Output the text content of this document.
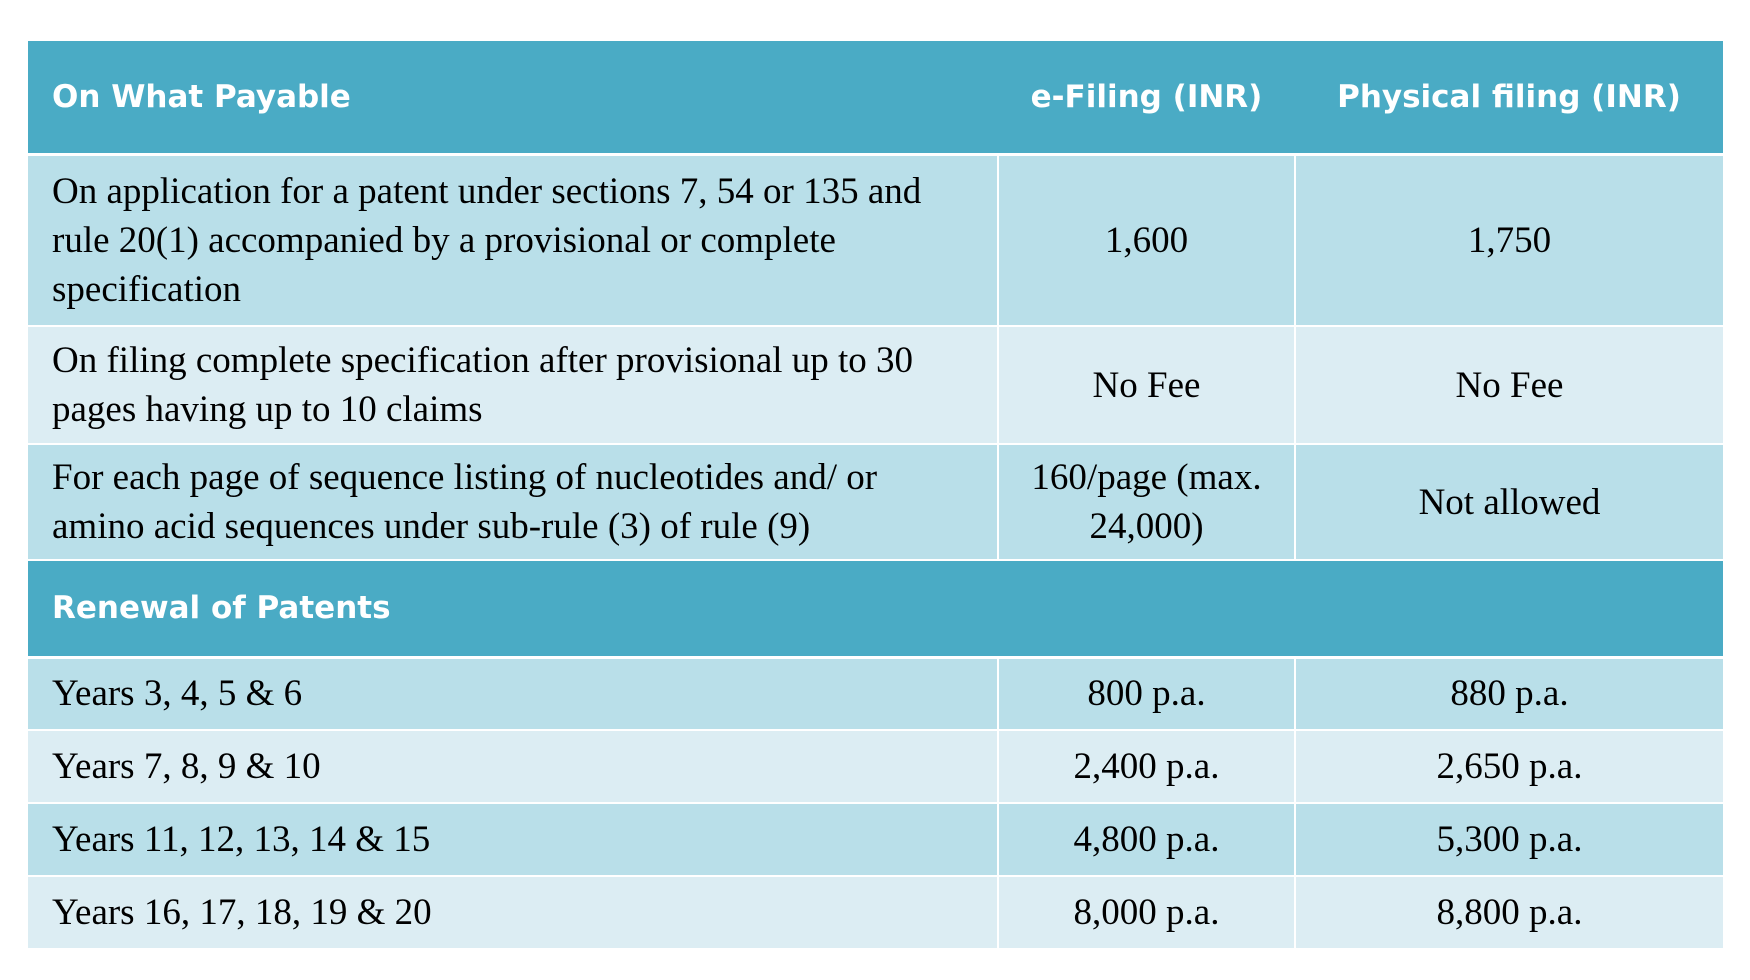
On What Payable	e-Filing (INR)	Physical filing (INR)
On application for a patent under sections 7, 54 or 135 and rule 20(1) accompanied by a provisional or complete specification	1,600	1,750
On filing complete specification after provisional up to 30 pages having up to 10 claims	No Fee	No Fee
For each page of sequence listing of nucleotides and/ or amino acid sequences under sub-rule (3) of rule (9)	160/page (max. 24,000)	Not allowed
Renewal of Patents		
Years 3, 4, 5 & 6	800 p.a.	880 p.a.
Years 7, 8, 9 & 10	2,400 p.a.	2,650 p.a.
Years 11, 12, 13, 14 & 15	4,800 p.a.	5,300 p.a.
Years 16, 17, 18, 19 & 20	8,000 p.a.	8,800 p.a.
